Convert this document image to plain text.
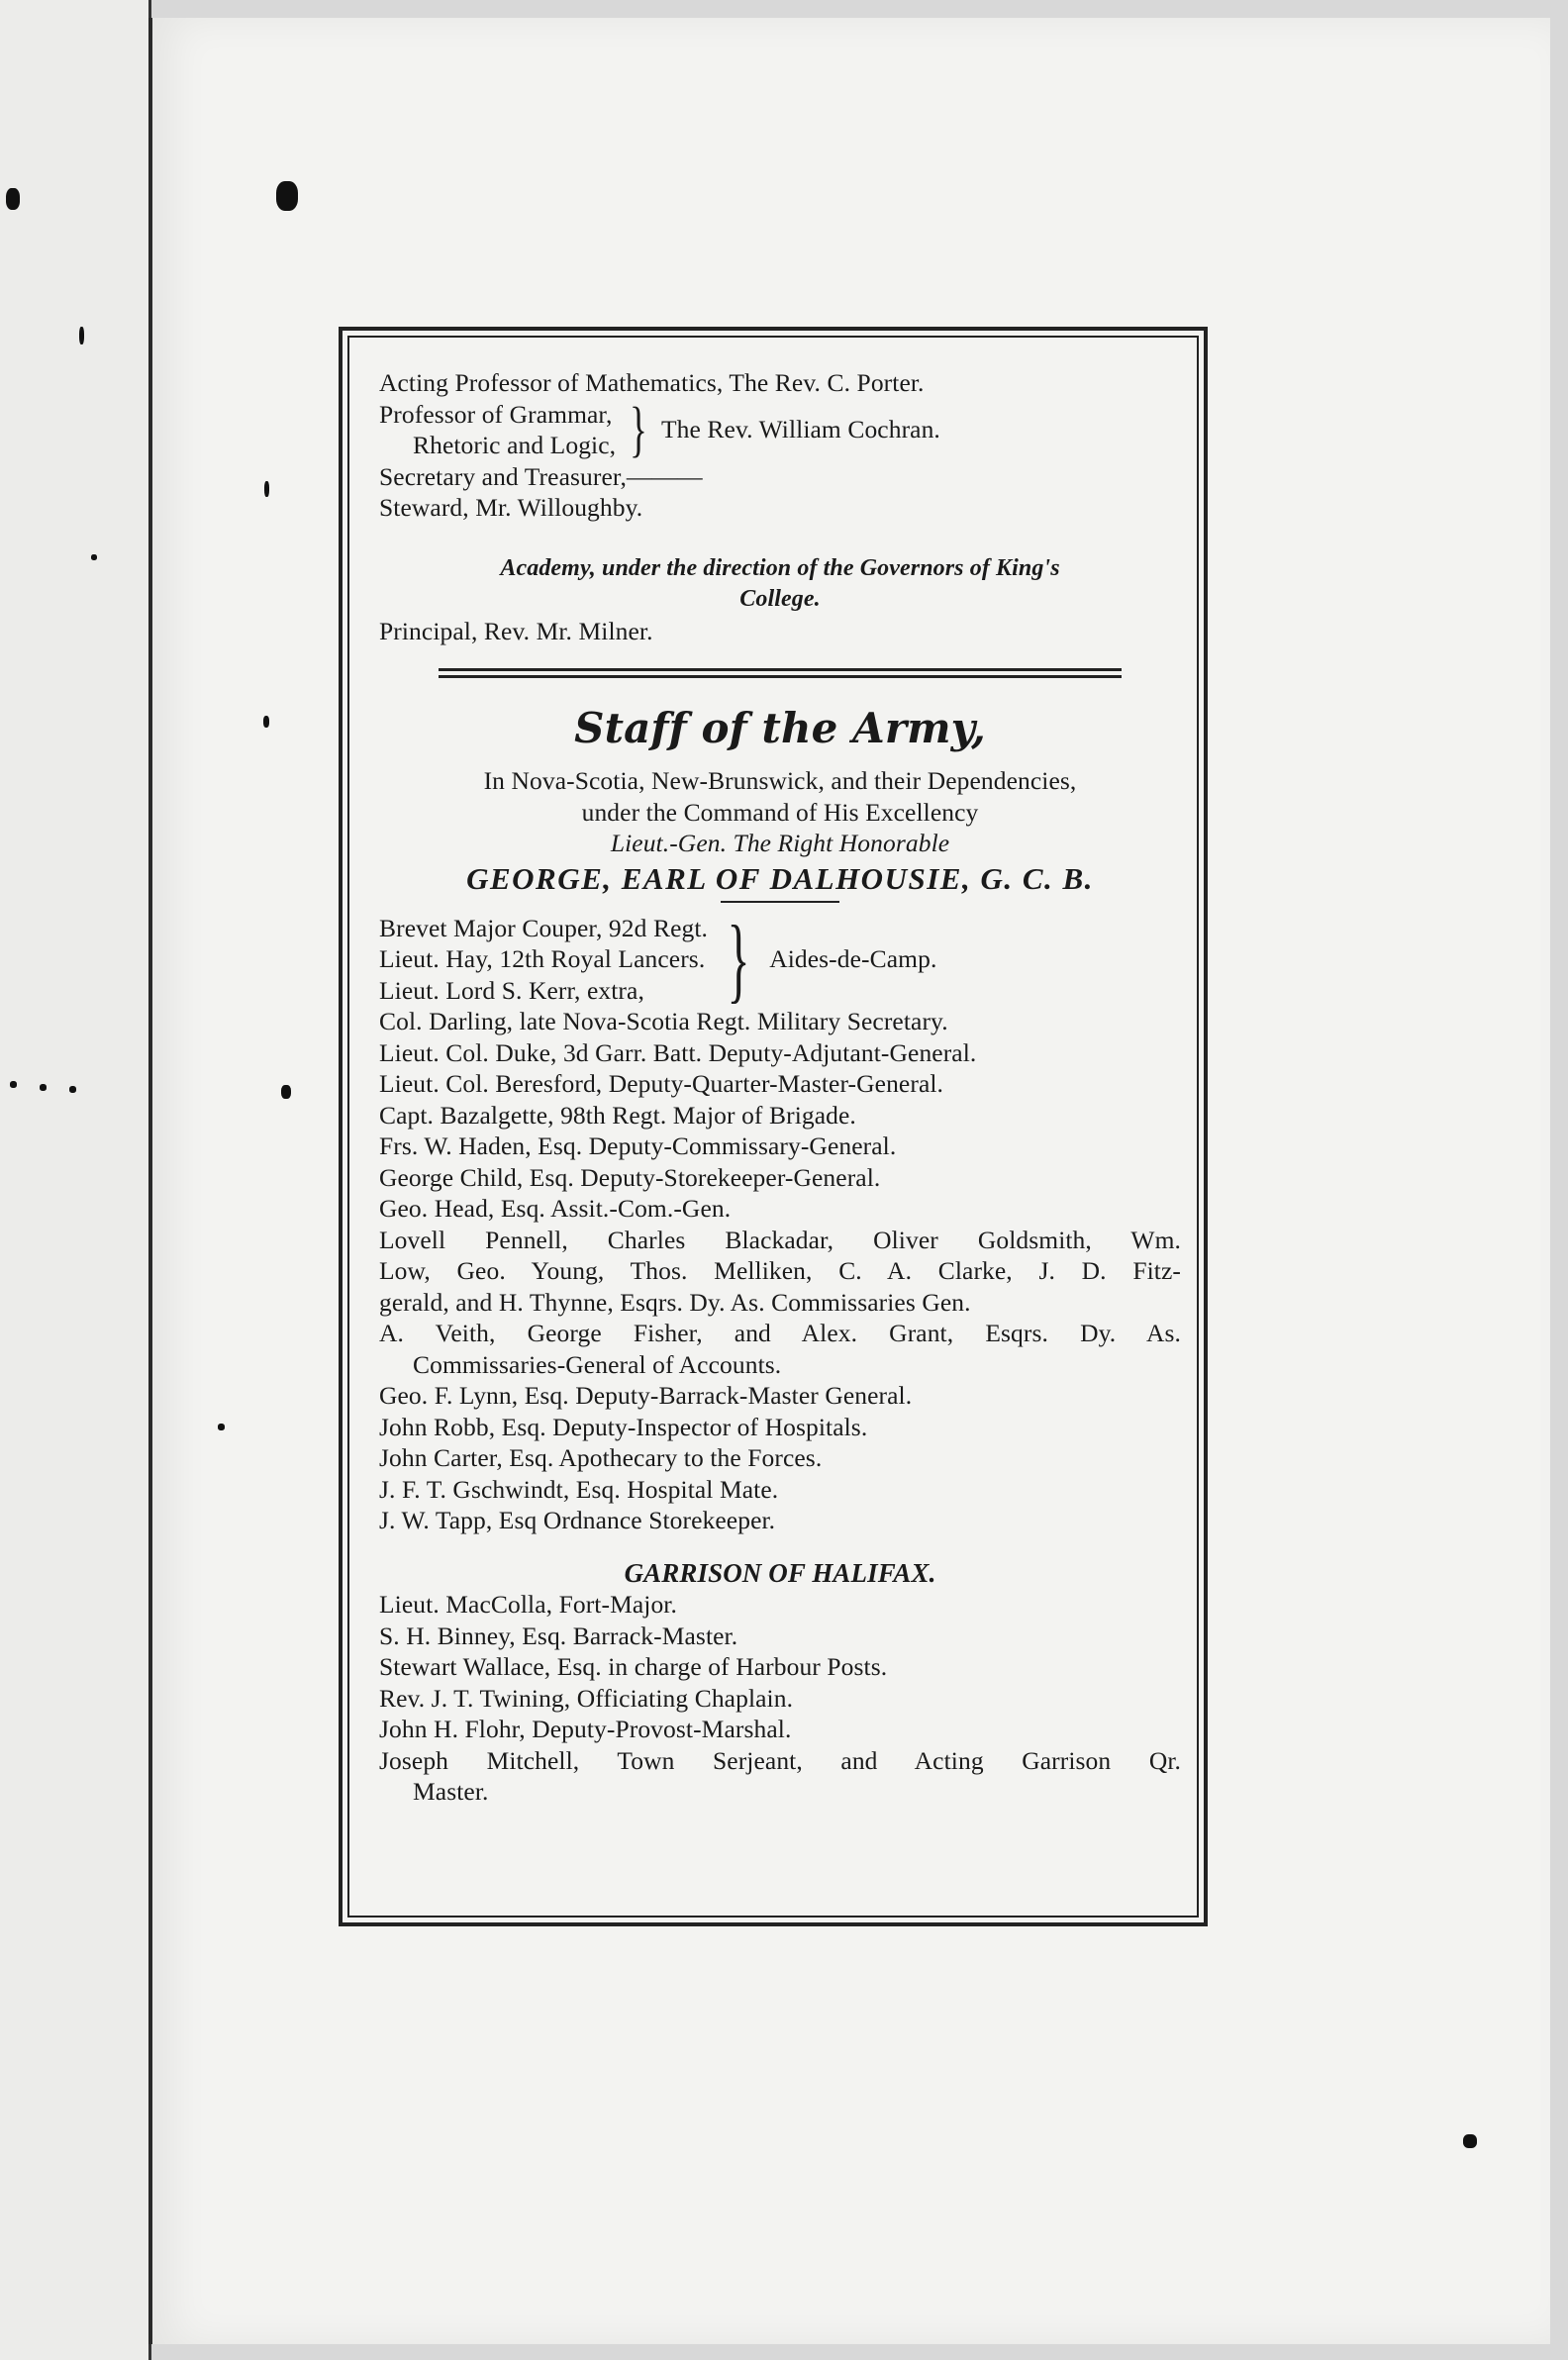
Acting Professor of Mathematics, The Rev. C. Porter.
Professor of Grammar,
Rhetoric and Logic, } The Rev. William Cochran.
Secretary and Treasurer,———
Steward, Mr. Willoughby.
Academy, under the direction of the Governors of King's
College.
Principal, Rev. Mr. Milner.
Staff of the Army,
In Nova-Scotia, New-Brunswick, and their Dependencies,
under the Command of His Excellency
Lieut.-Gen. The Right Honorable
GEORGE, EARL OF DALHOUSIE, G. C. B.
Brevet Major Couper, 92d Regt.
Lieut. Hay, 12th Royal Lancers.
Lieut. Lord S. Kerr, extra, } Aides-de-Camp.
Col. Darling, late Nova-Scotia Regt. Military Secretary.
Lieut. Col. Duke, 3d Garr. Batt. Deputy-Adjutant-General.
Lieut. Col. Beresford, Deputy-Quarter-Master-General.
Capt. Bazalgette, 98th Regt. Major of Brigade.
Frs. W. Haden, Esq. Deputy-Commissary-General.
George Child, Esq. Deputy-Storekeeper-General.
Geo. Head, Esq. Assit.-Com.-Gen.
Lovell Pennell, Charles Blackadar, Oliver Goldsmith, Wm.
Low, Geo. Young, Thos. Melliken, C. A. Clarke, J. D. Fitz-
gerald, and H. Thynne, Esqrs. Dy. As. Commissaries Gen.
A. Veith, George Fisher, and Alex. Grant, Esqrs. Dy. As.
Commissaries-General of Accounts.
Geo. F. Lynn, Esq. Deputy-Barrack-Master General.
John Robb, Esq. Deputy-Inspector of Hospitals.
John Carter, Esq. Apothecary to the Forces.
J. F. T. Gschwindt, Esq. Hospital Mate.
J. W. Tapp, Esq Ordnance Storekeeper.
GARRISON OF HALIFAX.
Lieut. MacColla, Fort-Major.
S. H. Binney, Esq. Barrack-Master.
Stewart Wallace, Esq. in charge of Harbour Posts.
Rev. J. T. Twining, Officiating Chaplain.
John H. Flohr, Deputy-Provost-Marshal.
Joseph Mitchell, Town Serjeant, and Acting Garrison Qr.
Master.
